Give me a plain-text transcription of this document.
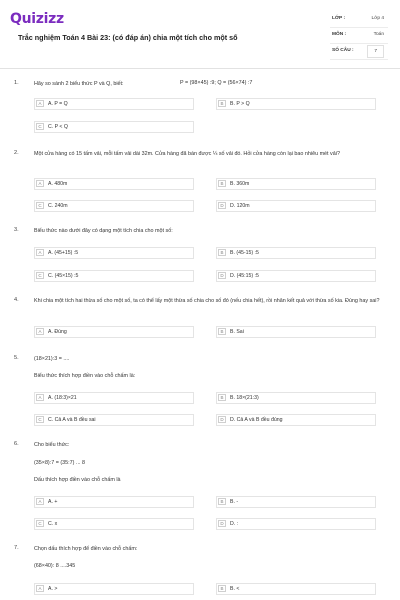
Quizizz
Trắc nghiệm Toán 4 Bài 23: (có đáp án) chia một tích cho một số
LỚP :	Lớp 4
MÔN :	Toán
SỐ CÂU :	7
1.	Hãy so sánh 2 biểu thức P và Q, biết:	P = (98×45) :9; Q = (56×74) :7
A	A. P = Q	B	B. P > Q
C	C. P < Q
2.	Một cửa hàng có 15 tấm vải, mỗi tấm vải dài 32m. Cửa hàng đã bán được ¼ số vải đó. Hỏi cửa hàng còn lại bao nhiêu mét vải?
A	A. 480m	B	B. 360m
C	C. 240m	D	D. 120m
3.	Biểu thức nào dưới đây có dạng một tích chia cho một số:
A	A. (45+15) :5	B	B. (45-15) :5
C	C. (45×15) :5	D	D. (45:15) :5
4.	Khi chia một tích hai thừa số cho một số, ta có thể lấy một thừa số chia cho số đó (nếu chia hết), rồi nhân kết quả với thừa số kia. Đúng hay sai?
A	A. Đúng	B	B. Sai
5.	(18×21):3 = ....
Biểu thức thích hợp điền vào chỗ chấm là:
A	A. (18:3)×21	B	B. 18×(21:3)
C	C. Cả A và B đều sai	D	D. Cả A và B đều đúng
6.	Cho biểu thức:
(35×8):7 = (35:7) ... 8
Dấu thích hợp điền vào chỗ chấm là
A	A. +	B	B. -
C	C. x	D	D. :
7.	Chọn dấu thích hợp để điền vào chỗ chấm:
(68×40): 8 ....345
A	A. >	B	B. <
